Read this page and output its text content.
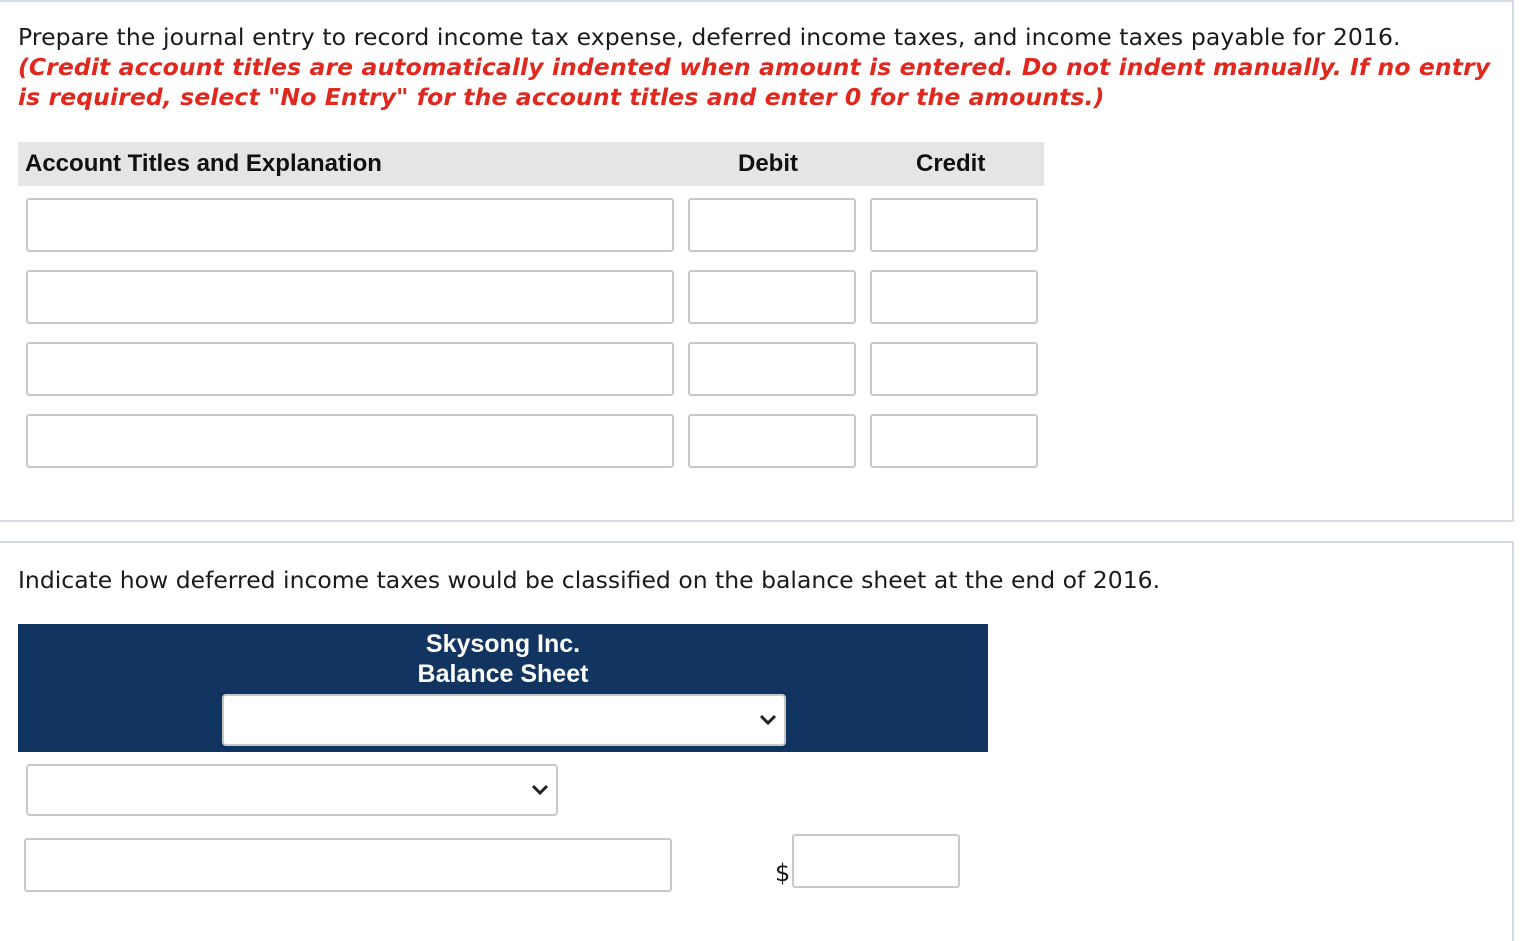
Prepare the journal entry to record income tax expense, deferred income taxes, and income taxes payable for 2016.
(Credit account titles are automatically indented when amount is entered. Do not indent manually. If no entry is required, select "No Entry" for the account titles and enter 0 for the amounts.)
Account Titles and Explanation	Debit	Credit
Indicate how deferred income taxes would be classified on the balance sheet at the end of 2016.
Skysong Inc.
Balance Sheet
$
